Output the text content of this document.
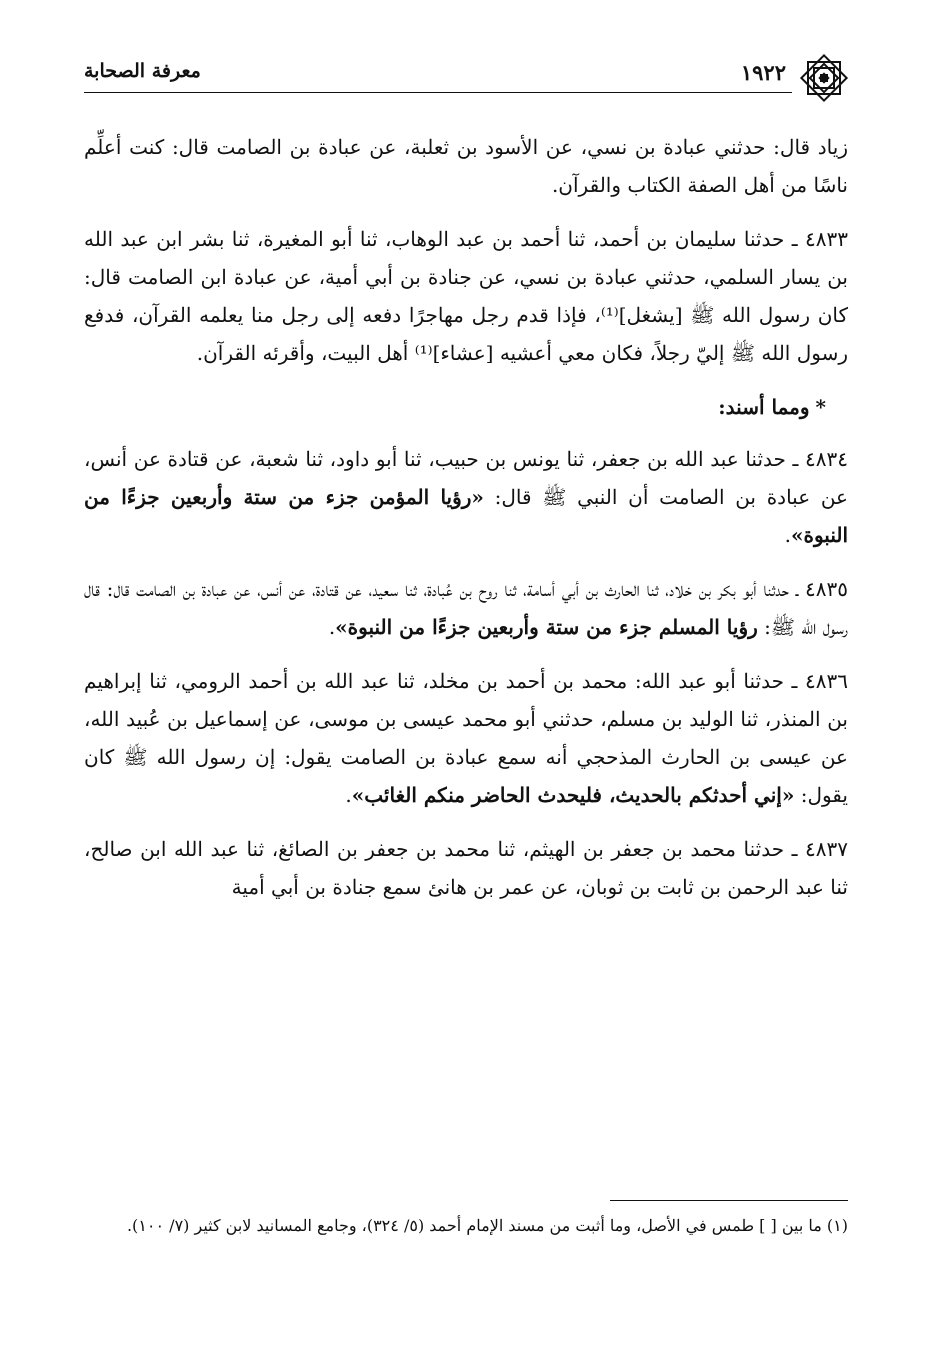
١٩٢٢
معرفة الصحابة

زياد قال: حدثني عبادة بن نسي، عن الأسود بن ثعلبة، عن عبادة بن الصامت قال: كنت أعلِّم ناسًا من أهل الصفة الكتاب والقرآن.

٤٨٣٣ ـ حدثنا سليمان بن أحمد، ثنا أحمد بن عبد الوهاب، ثنا أبو المغيرة، ثنا بشر ابن عبد الله بن يسار السلمي، حدثني عبادة بن نسي، عن جنادة بن أبي أمية، عن عبادة ابن الصامت قال: كان رسول الله ﷺ [يشغل]⁽¹⁾، فإذا قدم رجل مهاجرًا دفعه إلى رجل منا يعلمه القرآن، فدفع رسول الله ﷺ إليّ رجلاً، فكان معي أعشيه [عشاء]⁽¹⁾ أهل البيت، وأقرئه القرآن.

*ومما أسند:

٤٨٣٤ ـ حدثنا عبد الله بن جعفر، ثنا يونس بن حبيب، ثنا أبو داود، ثنا شعبة، عن قتادة عن أنس، عن عبادة بن الصامت أن النبي ﷺ قال: «رؤيا المؤمن جزء من ستة وأربعين جزءًا من النبوة».

٤٨٣٥ ـ حدثنا أبو بكر بن خلاد، ثنا الحارث بن أبي أسامة، ثنا روح بن عُبادة، ثنا سعيد، عن قتادة، عن أنس، عن عبادة بن الصامت قال: قال رسول الله ﷺ: رؤيا المسلم جزء من ستة وأربعين جزءًا من النبوة».

٤٨٣٦ ـ حدثنا أبو عبد الله: محمد بن أحمد بن مخلد، ثنا عبد الله بن أحمد الرومي، ثنا إبراهيم بن المنذر، ثنا الوليد بن مسلم، حدثني أبو محمد عيسى بن موسى، عن إسماعيل بن عُبيد الله، عن عيسى بن الحارث المذحجي أنه سمع عبادة بن الصامت يقول: إن رسول الله ﷺ كان يقول: «إني أحدثكم بالحديث، فليحدث الحاضر منكم الغائب».

٤٨٣٧ ـ حدثنا محمد بن جعفر بن الهيثم، ثنا محمد بن جعفر بن الصائغ، ثنا عبد الله ابن صالح، ثنا عبد الرحمن بن ثابت بن ثوبان، عن عمر بن هانئ سمع جنادة بن أبي أمية

(١) ما بين [ ] طمس في الأصل، وما أثبت من مسند الإمام أحمد (٥/ ٣٢٤)، وجامع المسانيد لابن كثير (٧/ ١٠٠).
